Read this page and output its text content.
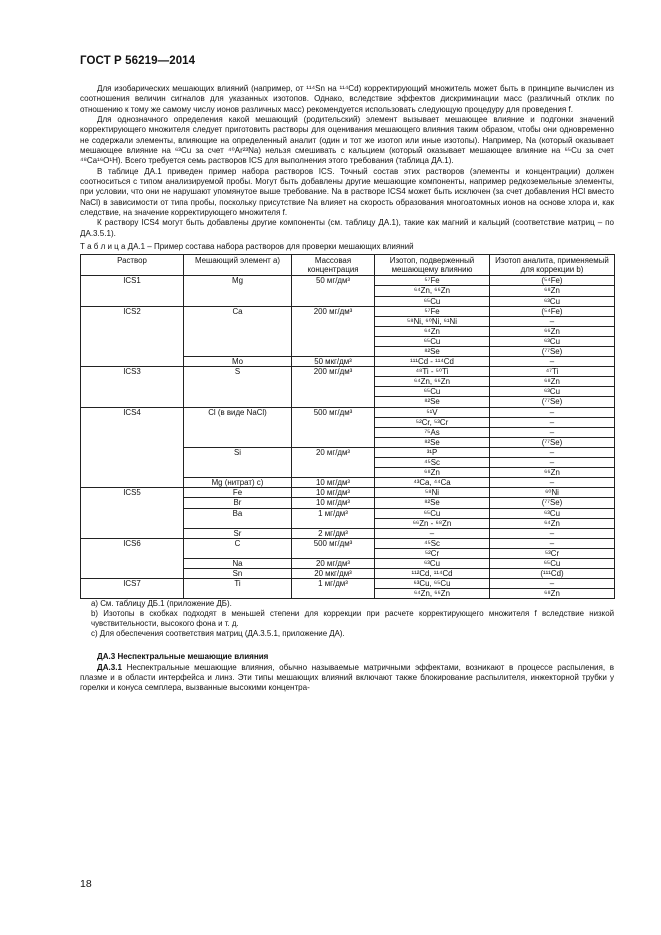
ГОСТ Р 56219—2014

Для изобарических мешающих влияний (например, от ¹¹⁴Sn на ¹¹⁴Cd) корректирующий множитель может быть в принципе вычислен из соотношения величин сигналов для указанных изотопов. Однако, вследствие эффектов дискриминации масс (различный отклик по отношению к тому же самому числу ионов различных масс) рекомендуется использовать следующую процедуру для проведения f.

Для однозначного определения какой мешающий (родительский) элемент вызывает мешающее влияние и подгонки значений корректирующего множителя следует приготовить растворы для оценивания мешающего влияния таким образом, чтобы они одновременно не содержали элементы, влияющие на определенный аналит (один и тот же изотоп или иные изотопы). Например, Na (который оказывает мешающее влияние на ⁶³Cu за счет ⁴⁰Ar²³Na) нельзя смешивать с кальцием (который оказывает мешающее влияние на ⁶⁵Cu за счет ⁴⁸Ca¹⁶O¹H). Всего требуется семь растворов ICS для выполнения этого требования (таблица ДА.1).

В таблице ДА.1 приведен пример набора растворов ICS. Точный состав этих растворов (элементы и концентрации) должен соотноситься с типом анализируемой пробы. Могут быть добавлены другие мешающие компоненты, например редкоземельные элементы, при условии, что они не нарушают упомянутое выше требование. Na в растворе ICS4 может быть исключен (за счет добавления HCl вместо NaCl) в зависимости от типа пробы, поскольку присутствие Na влияет на скорость образования многоатомных ионов на основе хлора и, как следствие, на значение корректирующего множителя f.

К раствору ICS4 могут быть добавлены другие компоненты (см. таблицу ДА.1), такие как магний и кальций (соответствие матриц – по ДА.3.5.1).

Т а б л и ц а ДА.1 – Пример состава набора растворов для проверки мешающих влияний
Раствор	Мешающий элемент a)	Массовая концентрация	Изотоп, подверженный мешающему влиянию	Изотоп аналита, применяемый для коррекции b)
ICS1	Mg	50 мг/дм³	⁵⁷Fe	(⁵⁴Fe)
			⁶⁴Zn, ⁶⁶Zn	⁶⁸Zn
			⁶⁵Cu	⁶³Cu
ICS2	Ca	200 мг/дм³	⁵⁷Fe	(⁵⁴Fe)
			⁵⁸Ni, ⁶⁰Ni, ⁶¹Ni	–
			⁶⁴Zn	⁶⁶Zn
			⁶⁵Cu	⁶³Cu
			⁸²Se	(⁷⁷Se)
	Mo	50 мкг/дм³	¹¹¹Cd - ¹¹⁴Cd	–
ICS3	S	200 мг/дм³	⁴⁸Ti - ⁵⁰Ti	⁴⁷Ti
			⁶⁴Zn, ⁶⁶Zn	⁶⁸Zn
			⁶⁵Cu	⁶³Cu
			⁸²Se	(⁷⁷Se)
ICS4	Cl (в виде NaCl)	500 мг/дм³	⁵¹V	–
			⁵²Cr, ⁵³Cr	–
			⁷⁵As	–
			⁸²Se	(⁷⁷Se)
	Si	20 мг/дм³	³¹P	–
			⁴⁵Sc	–
			⁶⁸Zn	⁶⁶Zn
	Mg (нитрат) c)	10 мг/дм³	⁴³Ca, ⁴⁴Ca	–
ICS5	Fe	10 мг/дм³	⁵⁸Ni	⁶⁰Ni
	Br	10 мг/дм³	⁸²Se	(⁷⁷Se)
	Ba	1 мг/дм³	⁶⁵Cu	⁶³Cu
			⁶⁶Zn - ⁶⁸Zn	⁶⁴Zn
	Sr	2 мг/дм³	–	–
ICS6	C	500 мг/дм³	⁴⁵Sc	–
			⁵²Cr	⁵³Cr
	Na	20 мг/дм³	⁶³Cu	⁶⁵Cu
	Sn	20 мкг/дм³	¹¹²Cd, ¹¹⁴Cd	(¹¹¹Cd)
ICS7	Ti	1 мг/дм³	⁶³Cu, ⁶⁵Cu	–
			⁶⁴Zn, ⁶⁶Zn	⁶⁸Zn
a) См. таблицу ДБ.1 (приложение ДБ).
b) Изотопы в скобках подходят в меньшей степени для коррекции при расчете корректирующего множителя f вследствие низкой чувствительности, высокого фона и т. д.
c) Для обеспечения соответствия матриц (ДА.3.5.1, приложение ДА).
ДА.3 Неспектральные мешающие влияния

ДА.3.1 Неспектральные мешающие влияния, обычно называемые матричными эффектами, возникают в процессе распыления, в плазме и в области интерфейса и линз. Эти типы мешающих влияний включают также блокирование распылителя, инжекторной трубки у горелки и конуса семплера, вызванные высокими концентра-

18
